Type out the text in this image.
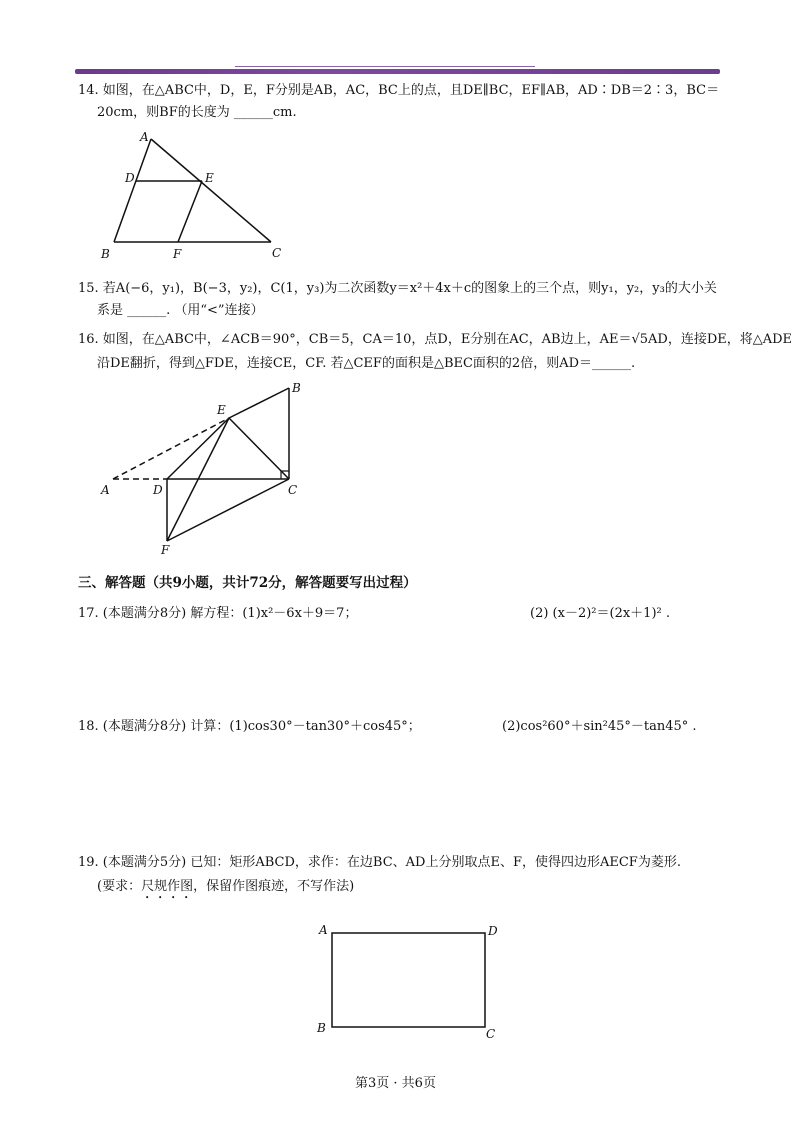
14. 如图，在△ABC中，D，E，F分别是AB，AC，BC上的点，且DE∥BC，EF∥AB，AD∶DB＝2∶3，BC＝
20cm，则BF的长度为 ______cm.
A
D	E
B	F	C
15. 若A(−6，y₁)，B(−3，y₂)，C(1，y₃)为二次函数y＝x²＋4x＋c的图象上的三个点，则y₁，y₂，y₃的大小关
系是 ______. （用“<”连接）
16. 如图，在△ABC中，∠ACB＝90°，CB＝5，CA＝10，点D，E分别在AC，AB边上，AE＝√5AD，连接DE，将△ADE
沿DE翻折，得到△FDE，连接CE，CF. 若△CEF的面积是△BEC面积的2倍，则AD＝______.
A	D
E
B
C
F
三、解答题（共9小题，共计72分，解答题要写出过程）
17. (本题满分8分) 解方程：(1)x²－6x＋9＝7；	(2) (x－2)²＝(2x＋1)² .
18. (本题满分8分) 计算：(1)cos30°－tan30°＋cos45°；	(2)cos²60°＋sin²45°－tan45° .
19. (本题满分5分) 已知：矩形ABCD，求作：在边BC、AD上分别取点E、F，使得四边形AECF为菱形.
(要求：尺规作图，保留作图痕迹，不写作法)
A	D
B	C
第3页 · 共6页
